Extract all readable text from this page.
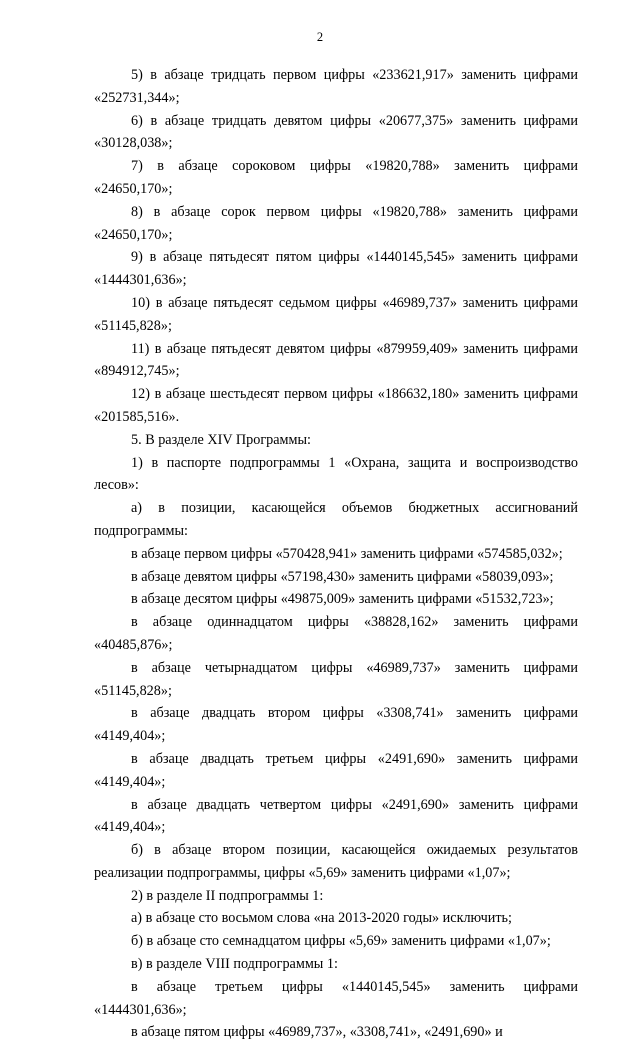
2

5) в абзаце тридцать первом цифры «233621,917» заменить цифрами «252731,344»;

6) в абзаце тридцать девятом цифры «20677,375» заменить цифрами «30128,038»;

7) в абзаце сороковом цифры «19820,788» заменить цифрами «24650,170»;

8) в абзаце сорок первом цифры «19820,788» заменить цифрами «24650,170»;

9) в абзаце пятьдесят пятом цифры «1440145,545» заменить цифрами «1444301,636»;

10) в абзаце пятьдесят седьмом цифры «46989,737» заменить цифрами «51145,828»;

11) в абзаце пятьдесят девятом цифры «879959,409» заменить цифрами «894912,745»;

12) в абзаце шестьдесят первом цифры «186632,180» заменить цифрами «201585,516».

5. В разделе XIV Программы:

1) в паспорте подпрограммы 1 «Охрана, защита и воспроизводство лесов»:

а) в позиции, касающейся объемов бюджетных ассигнований подпрограммы:

в абзаце первом цифры «570428,941» заменить цифрами «574585,032»;

в абзаце девятом цифры «57198,430» заменить цифрами «58039,093»;

в абзаце десятом цифры «49875,009» заменить цифрами «51532,723»;

в абзаце одиннадцатом цифры «38828,162» заменить цифрами «40485,876»;

в абзаце четырнадцатом цифры «46989,737» заменить цифрами «51145,828»;

в абзаце двадцать втором цифры «3308,741» заменить цифрами «4149,404»;

в абзаце двадцать третьем цифры «2491,690» заменить цифрами «4149,404»;

в абзаце двадцать четвертом цифры «2491,690» заменить цифрами «4149,404»;

б) в абзаце втором позиции, касающейся ожидаемых результатов реализации подпрограммы, цифры «5,69» заменить цифрами «1,07»;

2) в разделе II подпрограммы 1:

а) в абзаце сто восьмом слова «на 2013-2020 годы» исключить;

б) в абзаце сто семнадцатом цифры «5,69» заменить цифрами «1,07»;

в) в разделе VIII подпрограммы 1:

в абзаце третьем цифры «1440145,545» заменить цифрами «1444301,636»;

в абзаце пятом цифры «46989,737», «3308,741», «2491,690» и
